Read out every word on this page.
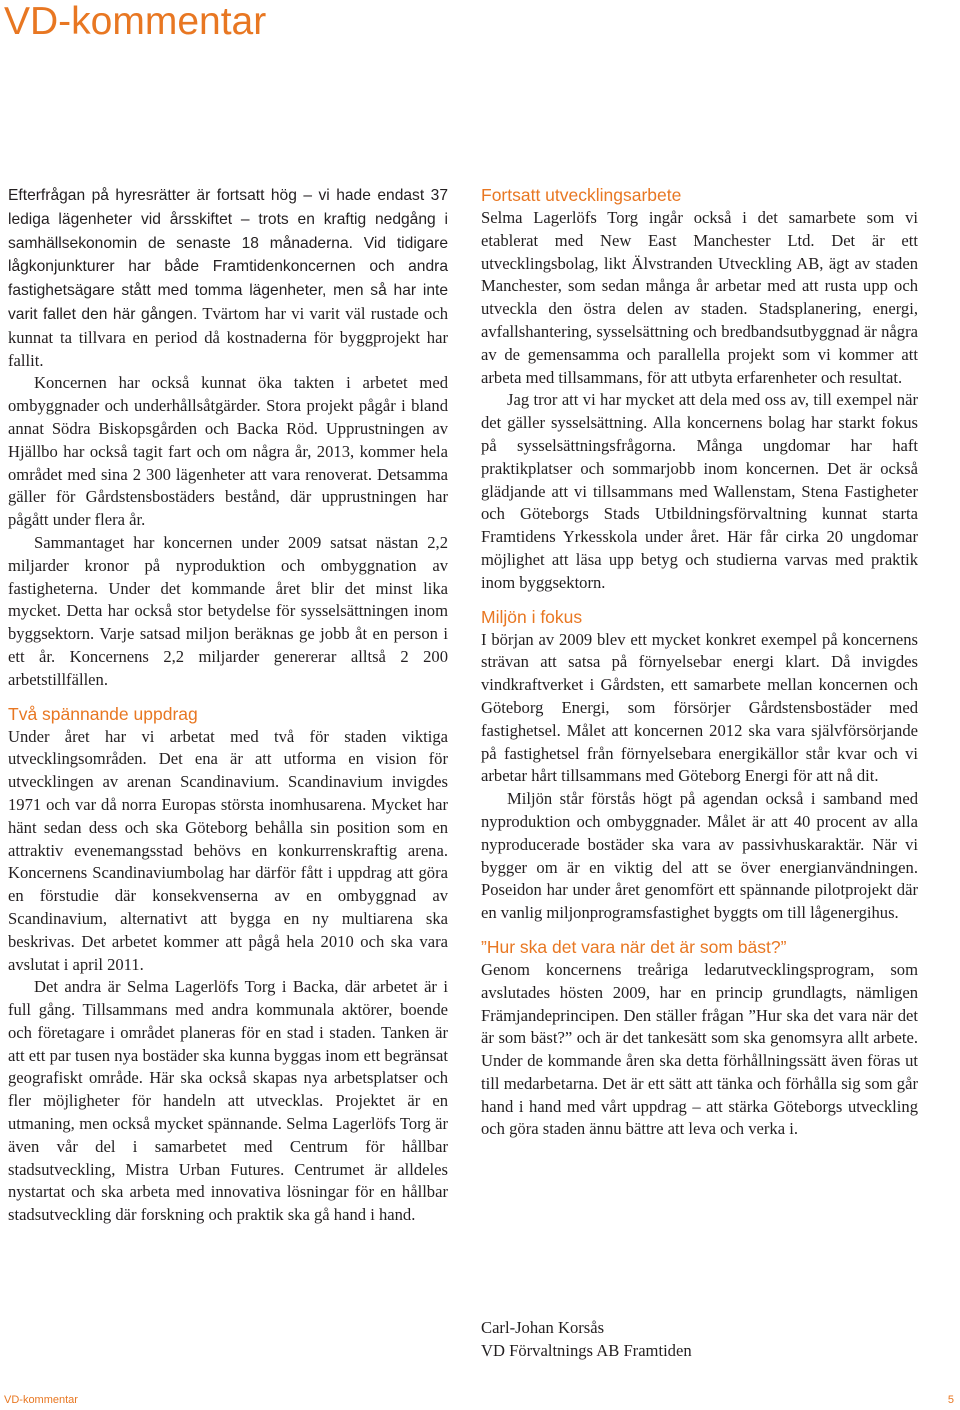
VD-kommentar

Efterfrågan på hyresrätter är fortsatt hög – vi hade endast 37 lediga lägenheter vid årsskiftet – trots en kraftig nedgång i samhällsekonomin de senaste 18 månaderna. Vid tidigare lågkonjunkturer har både Framtidenkoncernen och andra fastighetsägare stått med tomma lägenheter, men så har inte varit fallet den här gången. Tvärtom har vi varit väl rustade och kunnat ta tillvara en period då kostnaderna för byggprojekt har fallit.

Koncernen har också kunnat öka takten i arbetet med ombyggnader och underhållsåtgärder. Stora projekt pågår i bland annat Södra Biskopsgården och Backa Röd. Upprustningen av Hjällbo har också tagit fart och om några år, 2013, kommer hela området med sina 2 300 lägenheter att vara renoverat. Detsamma gäller för Gårdstensbostäders bestånd, där upprustningen har pågått under flera år.

Sammantaget har koncernen under 2009 satsat nästan 2,2 miljarder kronor på nyproduktion och ombyggnation av fastigheterna. Under det kommande året blir det minst lika mycket. Detta har också stor betydelse för sysselsättningen inom byggsektorn. Varje satsad miljon beräknas ge jobb åt en person i ett år. Koncernens 2,2 miljarder genererar alltså 2 200 arbetstillfällen.

Två spännande uppdrag

Under året har vi arbetat med två för staden viktiga utvecklingsområden. Det ena är att utforma en vision för utvecklingen av arenan Scandinavium. Scandinavium invigdes 1971 och var då norra Europas största inomhusarena. Mycket har hänt sedan dess och ska Göteborg behålla sin position som en attraktiv evenemangsstad behövs en konkurrenskraftig arena. Koncernens Scandinaviumbolag har därför fått i uppdrag att göra en förstudie där konsekvenserna av en ombyggnad av Scandinavium, alternativt att bygga en ny multiarena ska beskrivas. Det arbetet kommer att pågå hela 2010 och ska vara avslutat i april 2011.

Det andra är Selma Lagerlöfs Torg i Backa, där arbetet är i full gång. Tillsammans med andra kommunala aktörer, boende och företagare i området planeras för en stad i staden. Tanken är att ett par tusen nya bostäder ska kunna byggas inom ett begränsat geografiskt område. Här ska också skapas nya arbetsplatser och fler möjligheter för handeln att utvecklas. Projektet är en utmaning, men också mycket spännande. Selma Lagerlöfs Torg är även vår del i samarbetet med Centrum för hållbar stadsutveckling, Mistra Urban Futures. Centrumet är alldeles nystartat och ska arbeta med innovativa lösningar för en hållbar stadsutveckling där forskning och praktik ska gå hand i hand.

Fortsatt utvecklingsarbete

Selma Lagerlöfs Torg ingår också i det samarbete som vi etablerat med New East Manchester Ltd. Det är ett utvecklingsbolag, likt Älvstranden Utveckling AB, ägt av staden Manchester, som sedan många år arbetar med att rusta upp och utveckla den östra delen av staden. Stadsplanering, energi, avfallshantering, sysselsättning och bredbandsutbyggnad är några av de gemensamma och parallella projekt som vi kommer att arbeta med tillsammans, för att utbyta erfarenheter och resultat.

Jag tror att vi har mycket att dela med oss av, till exempel när det gäller sysselsättning. Alla koncernens bolag har starkt fokus på sysselsättningsfrågorna. Många ungdomar har haft praktikplatser och sommarjobb inom koncernen. Det är också glädjande att vi tillsammans med Wallenstam, Stena Fastigheter och Göteborgs Stads Utbildningsförvaltning kunnat starta Framtidens Yrkesskola under året. Här får cirka 20 ungdomar möjlighet att läsa upp betyg och studierna varvas med praktik inom byggsektorn.

Miljön i fokus

I början av 2009 blev ett mycket konkret exempel på koncernens strävan att satsa på förnyelsebar energi klart. Då invigdes vindkraftverket i Gårdsten, ett samarbete mellan koncernen och Göteborg Energi, som försörjer Gårdstensbostäder med fastighetsel. Målet att koncernen 2012 ska vara självförsörjande på fastighetsel från förnyelsebara energikällor står kvar och vi arbetar hårt tillsammans med Göteborg Energi för att nå dit.

Miljön står förstås högt på agendan också i samband med nyproduktion och ombyggnader. Målet är att 40 procent av alla nyproducerade bostäder ska vara av passivhuskaraktär. När vi bygger om är en viktig del att se över energianvändningen. Poseidon har under året genomfört ett spännande pilotprojekt där en vanlig miljonprogramsfastighet byggts om till lågenergihus.

”Hur ska det vara när det är som bäst?”

Genom koncernens treåriga ledarutvecklingsprogram, som avslutades hösten 2009, har en princip grundlagts, nämligen Främjandeprincipen. Den ställer frågan ”Hur ska det vara när det är som bäst?” och är det tankesätt som ska genomsyra allt arbete. Under de kommande åren ska detta förhållningssätt även föras ut till medarbetarna. Det är ett sätt att tänka och förhålla sig som går hand i hand med vårt uppdrag – att stärka Göteborgs utveckling och göra staden ännu bättre att leva och verka i.

Carl-Johan Korsås
VD Förvaltnings AB Framtiden
VD-kommentar	5
